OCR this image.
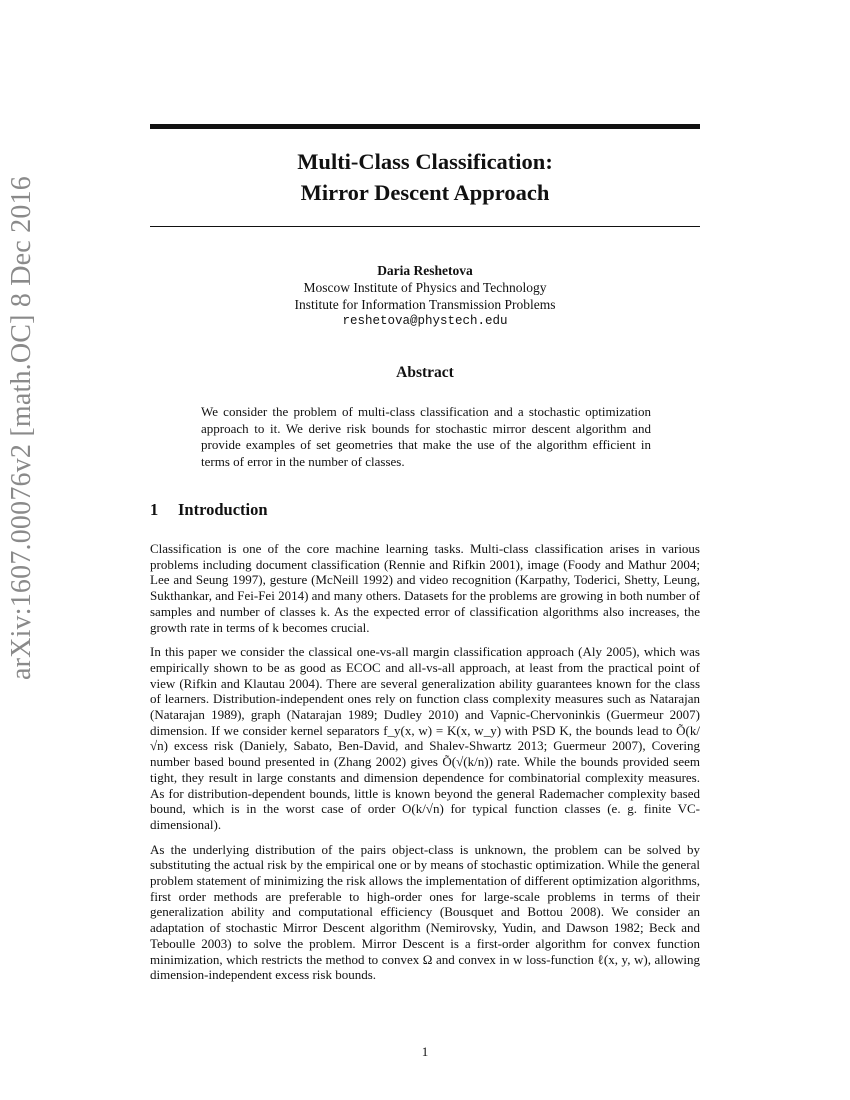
arXiv:1607.00076v2 [math.OC] 8 Dec 2016
Multi-Class Classification:
Mirror Descent Approach
Daria Reshetova
Moscow Institute of Physics and Technology
Institute for Information Transmission Problems
reshetova@phystech.edu
Abstract
We consider the problem of multi-class classification and a stochastic optimization approach to it. We derive risk bounds for stochastic mirror descent algorithm and provide examples of set geometries that make the use of the algorithm efficient in terms of error in the number of classes.
1 Introduction

Classification is one of the core machine learning tasks. Multi-class classification arises in various problems including document classification (Rennie and Rifkin 2001), image (Foody and Mathur 2004; Lee and Seung 1997), gesture (McNeill 1992) and video recognition (Karpathy, Toderici, Shetty, Leung, Sukthankar, and Fei-Fei 2014) and many others. Datasets for the problems are growing in both number of samples and number of classes k. As the expected error of classification algorithms also increases, the growth rate in terms of k becomes crucial.

In this paper we consider the classical one-vs-all margin classification approach (Aly 2005), which was empirically shown to be as good as ECOC and all-vs-all approach, at least from the practical point of view (Rifkin and Klautau 2004). There are several generalization ability guarantees known for the class of learners. Distribution-independent ones rely on function class complexity measures such as Natarajan (Natarajan 1989), graph (Natarajan 1989; Dudley 2010) and Vapnic-Chervoninkis (Guermeur 2007) dimension. If we consider kernel separators f_y(x, w) = K(x, w_y) with PSD K, the bounds lead to Õ(k/√n) excess risk (Daniely, Sabato, Ben-David, and Shalev-Shwartz 2013; Guermeur 2007), Covering number based bound presented in (Zhang 2002) gives Õ(√(k/n)) rate. While the bounds provided seem tight, they result in large constants and dimension dependence for combinatorial complexity measures. As for distribution-dependent bounds, little is known beyond the general Rademacher complexity based bound, which is in the worst case of order O(k/√n) for typical function classes (e. g. finite VC-dimensional).

As the underlying distribution of the pairs object-class is unknown, the problem can be solved by substituting the actual risk by the empirical one or by means of stochastic optimization. While the general problem statement of minimizing the risk allows the implementation of different optimization algorithms, first order methods are preferable to high-order ones for large-scale problems in terms of their generalization ability and computational efficiency (Bousquet and Bottou 2008). We consider an adaptation of stochastic Mirror Descent algorithm (Nemirovsky, Yudin, and Dawson 1982; Beck and Teboulle 2003) to solve the problem. Mirror Descent is a first-order algorithm for convex function minimization, which restricts the method to convex Ω and convex in w loss-function ℓ(x, y, w), allowing dimension-independent excess risk bounds.

1
